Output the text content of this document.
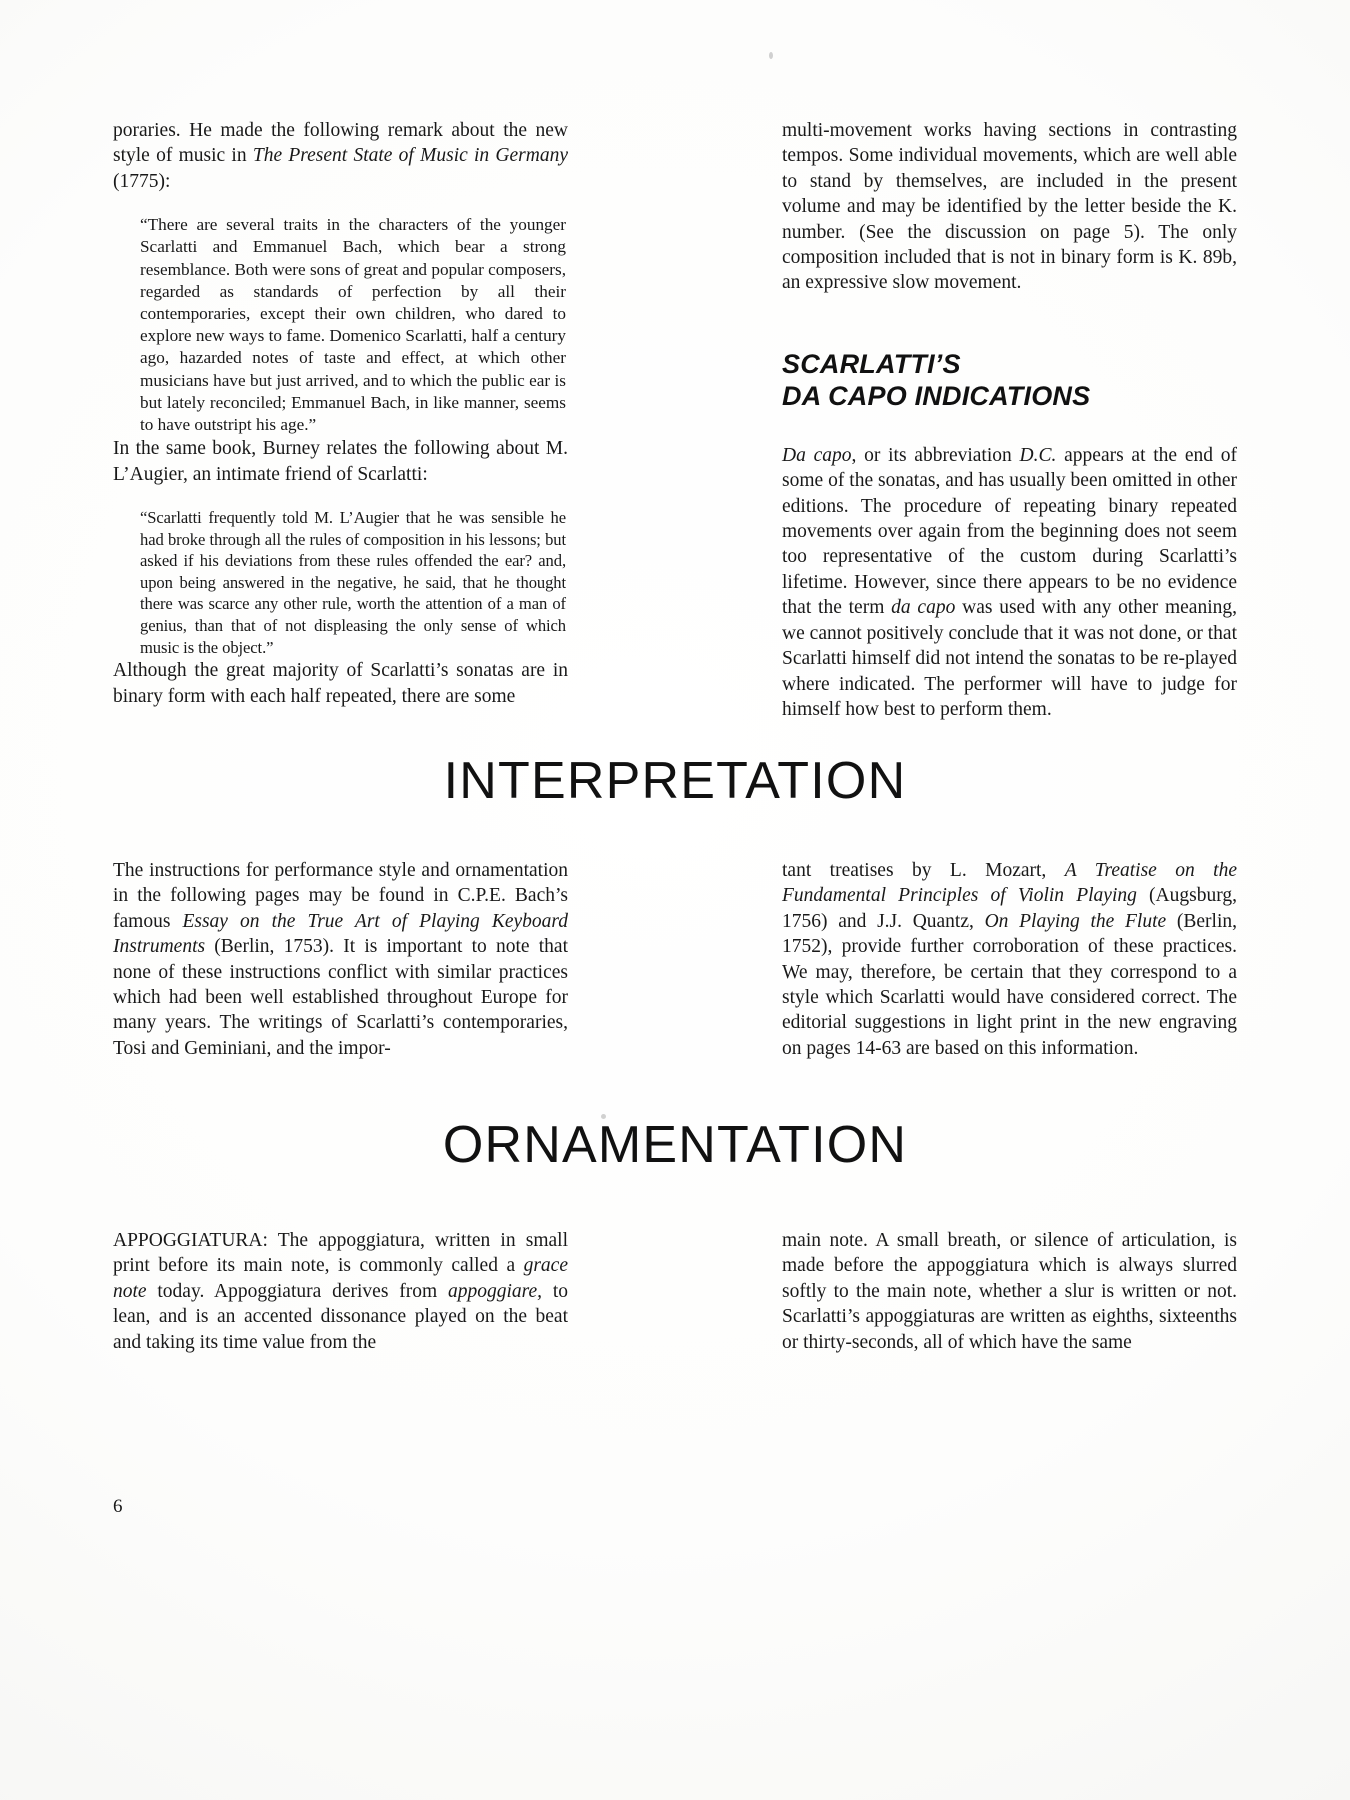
poraries. He made the following remark about the new style of music in The Present State of Music in Germany (1775):

“There are several traits in the characters of the younger Scarlatti and Emmanuel Bach, which bear a strong resemblance. Both were sons of great and popular composers, regarded as standards of perfection by all their contemporaries, except their own children, who dared to explore new ways to fame. Domenico Scarlatti, half a century ago, hazarded notes of taste and effect, at which other musicians have but just arrived, and to which the public ear is but lately reconciled; Emmanuel Bach, in like manner, seems to have outstript his age.”

In the same book, Burney relates the following about M. L’Augier, an intimate friend of Scarlatti:

“Scarlatti frequently told M. L’Augier that he was sensible he had broke through all the rules of composition in his lessons; but asked if his deviations from these rules offended the ear? and, upon being answered in the negative, he said, that he thought there was scarce any other rule, worth the attention of a man of genius, than that of not displeasing the only sense of which music is the object.”

Although the great majority of Scarlatti’s sonatas are in binary form with each half repeated, there are some

multi-movement works having sections in contrasting tempos. Some individual movements, which are well able to stand by themselves, are included in the present volume and may be identified by the letter beside the K. number. (See the discussion on page 5). The only composition included that is not in binary form is K. 89b, an expressive slow movement.

SCARLATTI’S
DA CAPO INDICATIONS

Da capo, or its abbreviation D.C. appears at the end of some of the sonatas, and has usually been omitted in other editions. The procedure of repeating binary repeated movements over again from the beginning does not seem too representative of the custom during Scarlatti’s lifetime. However, since there appears to be no evidence that the term da capo was used with any other meaning, we cannot positively conclude that it was not done, or that Scarlatti himself did not intend the sonatas to be re-played where indicated. The performer will have to judge for himself how best to perform them.

INTERPRETATION

The instructions for performance style and ornamentation in the following pages may be found in C.P.E. Bach’s famous Essay on the True Art of Playing Keyboard Instruments (Berlin, 1753). It is important to note that none of these instructions conflict with similar practices which had been well established throughout Europe for many years. The writings of Scarlatti’s contemporaries, Tosi and Geminiani, and the impor-

tant treatises by L. Mozart, A Treatise on the Fundamental Principles of Violin Playing (Augsburg, 1756) and J.J. Quantz, On Playing the Flute (Berlin, 1752), provide further corroboration of these practices. We may, therefore, be certain that they correspond to a style which Scarlatti would have considered correct. The editorial suggestions in light print in the new engraving on pages 14-63 are based on this information.

ORNAMENTATION

APPOGGIATURA: The appoggiatura, written in small print before its main note, is commonly called a grace note today. Appoggiatura derives from appoggiare, to lean, and is an accented dissonance played on the beat and taking its time value from the

main note. A small breath, or silence of articulation, is made before the appoggiatura which is always slurred softly to the main note, whether a slur is written or not. Scarlatti’s appoggiaturas are written as eighths, sixteenths or thirty-seconds, all of which have the same

6
